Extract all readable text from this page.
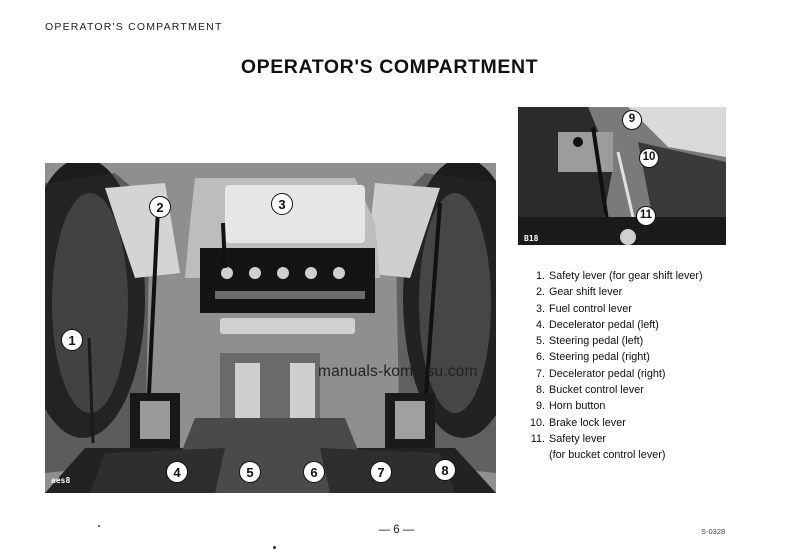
OPERATOR'S COMPARTMENT
OPERATOR'S COMPARTMENT
aes8
1
2	3
4	5	6	7	8
B18
9
10
11
1. Safety lever (for gear shift lever)
2. Gear shift lever
3. Fuel control lever
4. Decelerator pedal (left)
5. Steering pedal (left)
6. Steering pedal (right)
7. Decelerator pedal (right)
8. Bucket control lever
9. Horn button
10. Brake lock lever
11. Safety lever
(for bucket control lever)
manuals-komatsu.com
— 6 —	S-0328
